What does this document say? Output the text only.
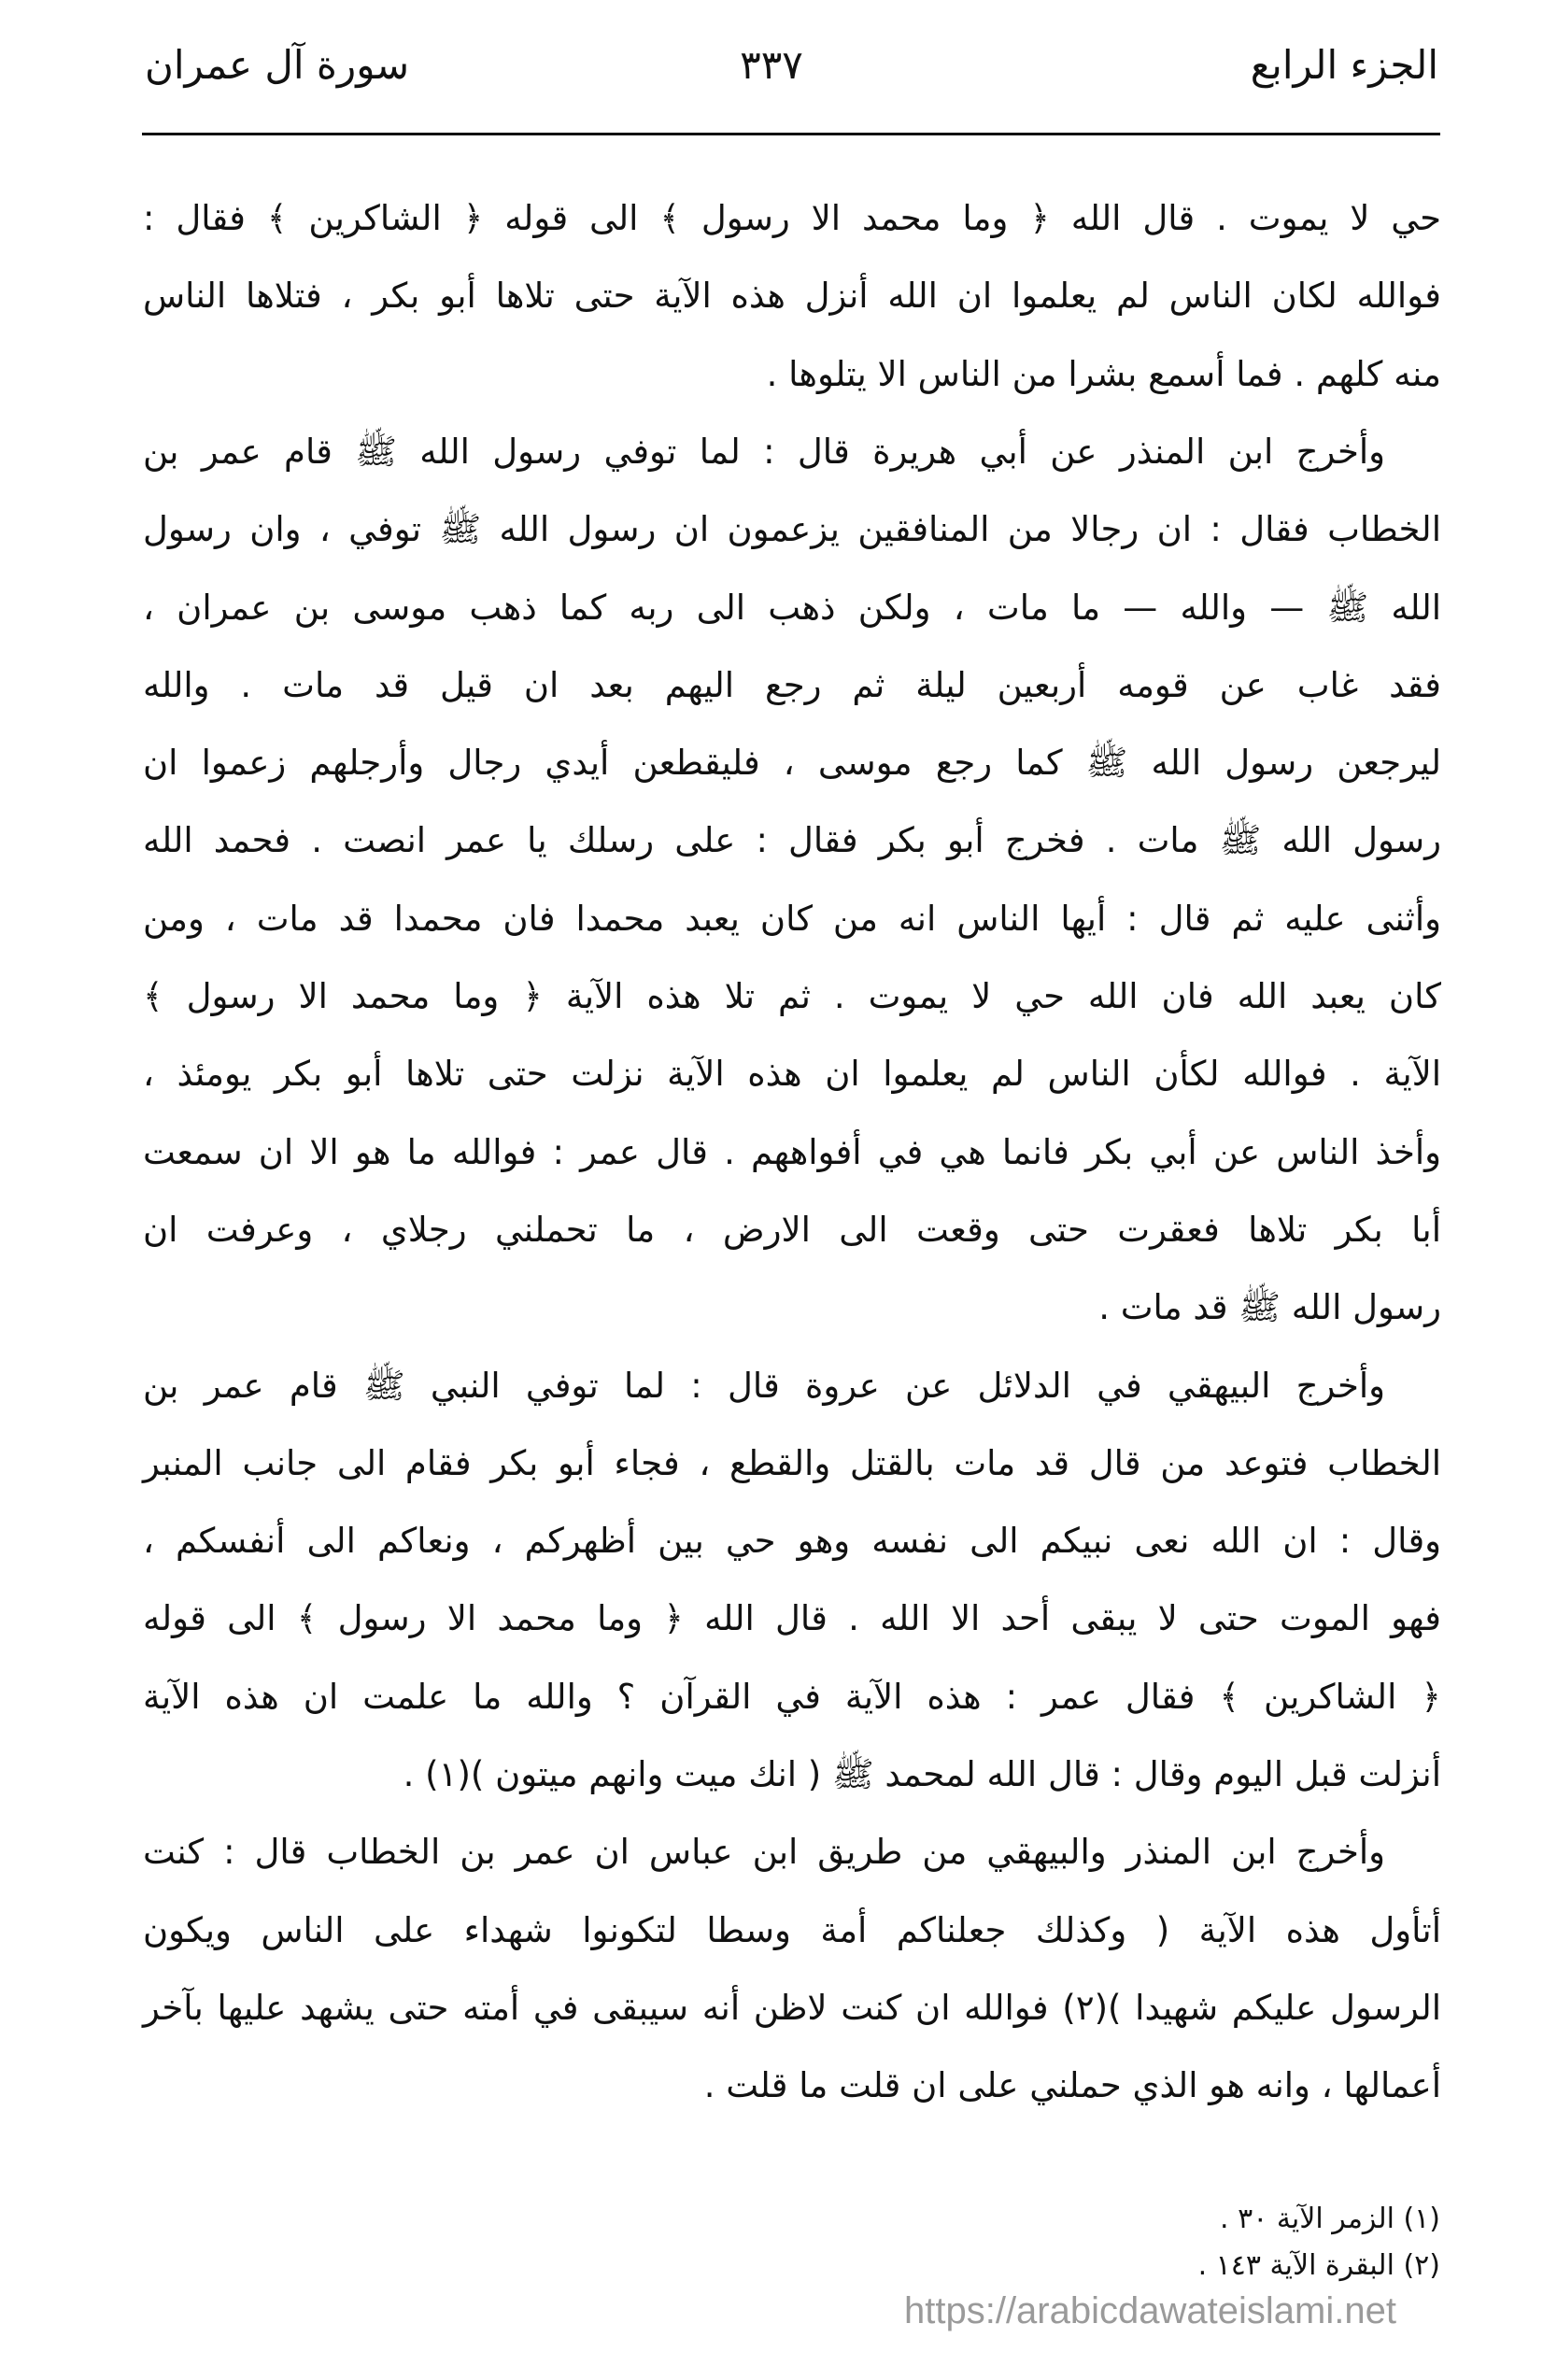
الجزء الرابع
٣٣٧
سورة آل عمران
حي لا يموت . قال الله ﴿ وما محمد الا رسول ﴾ الى قوله ﴿ الشاكرين ﴾ فقال :
فوالله لكان الناس لم يعلموا ان الله أنزل هذه الآية حتى تلاها أبو بكر ، فتلاها الناس
منه كلهم . فما أسمع بشرا من الناس الا يتلوها .
وأخرج ابن المنذر عن أبي هريرة قال : لما توفي رسول الله ﷺ قام عمر بن
الخطاب فقال : ان رجالا من المنافقين يزعمون ان رسول الله ﷺ توفي ، وان رسول
الله ﷺ — والله — ما مات ، ولكن ذهب الى ربه كما ذهب موسى بن عمران ،
فقد غاب عن قومه أربعين ليلة ثم رجع اليهم بعد ان قيل قد مات . والله
ليرجعن رسول الله ﷺ كما رجع موسى ، فليقطعن أيدي رجال وأرجلهم زعموا ان
رسول الله ﷺ مات . فخرج أبو بكر فقال : على رسلك يا عمر انصت . فحمد الله
وأثنى عليه ثم قال : أيها الناس انه من كان يعبد محمدا فان محمدا قد مات ، ومن
كان يعبد الله فان الله حي لا يموت . ثم تلا هذه الآية ﴿ وما محمد الا رسول ﴾
الآية . فوالله لكأن الناس لم يعلموا ان هذه الآية نزلت حتى تلاها أبو بكر يومئذ ،
وأخذ الناس عن أبي بكر فانما هي في أفواههم . قال عمر : فوالله ما هو الا ان سمعت
أبا بكر تلاها فعقرت حتى وقعت الى الارض ، ما تحملني رجلاي ، وعرفت ان
رسول الله ﷺ قد مات .
وأخرج البيهقي في الدلائل عن عروة قال : لما توفي النبي ﷺ قام عمر بن
الخطاب فتوعد من قال قد مات بالقتل والقطع ، فجاء أبو بكر فقام الى جانب المنبر
وقال : ان الله نعى نبيكم الى نفسه وهو حي بين أظهركم ، ونعاكم الى أنفسكم ،
فهو الموت حتى لا يبقى أحد الا الله . قال الله ﴿ وما محمد الا رسول ﴾ الى قوله
﴿ الشاكرين ﴾ فقال عمر : هذه الآية في القرآن ؟ والله ما علمت ان هذه الآية
أنزلت قبل اليوم وقال : قال الله لمحمد ﷺ ( انك ميت وانهم ميتون )(١) .
وأخرج ابن المنذر والبيهقي من طريق ابن عباس ان عمر بن الخطاب قال : كنت
أتأول هذه الآية ( وكذلك جعلناكم أمة وسطا لتكونوا شهداء على الناس ويكون
الرسول عليكم شهيدا )(٢) فوالله ان كنت لاظن أنه سيبقى في أمته حتى يشهد عليها بآخر
أعمالها ، وانه هو الذي حملني على ان قلت ما قلت .
(١) الزمر الآية ٣٠ .
(٢) البقرة الآية ١٤٣ .
https://arabicdawateislami.net
